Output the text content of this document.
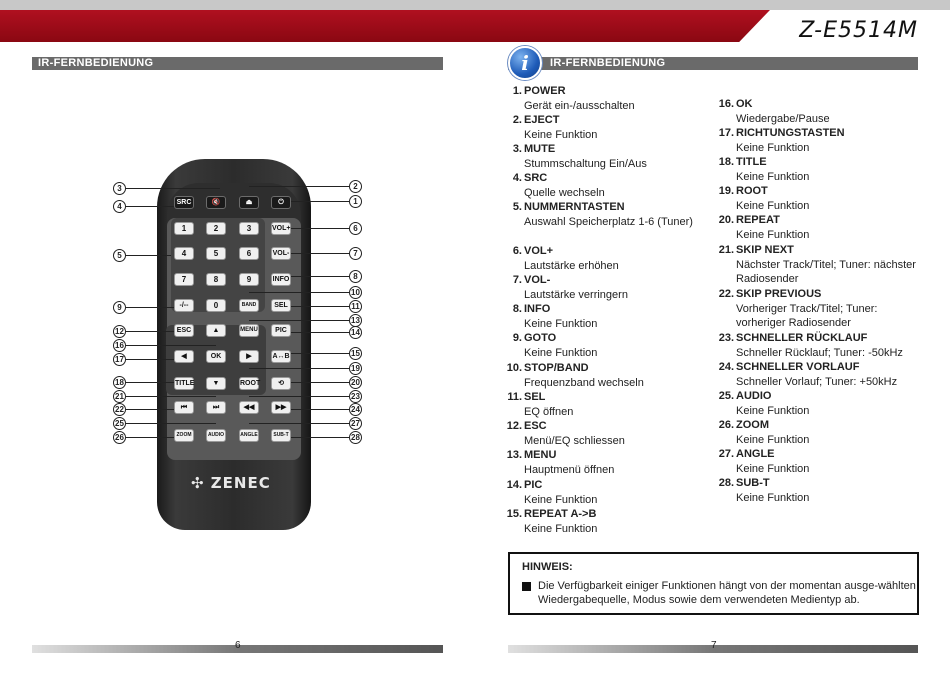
Z-E5514M
IR-FERNBEDIENUNG
SRC	🔇	⏏	⏻
1	2	3	VOL+
4	5	6	VOL-
7	8	9	INFO
-/--	0	BAND	SEL
ESC	▲	MENU	PIC
◀	OK	▶	A↔B
TITLE	▼	ROOT	⟲
⏮	⏭	◀◀	▶▶
ZOOM	AUDIO	ANGLE	SUB-T
✣ ZENEC
3
4
5
9
12
16
17
18
21
22
25
26
2
1
6
7
8
10
11
13
14
15
19
20
23
24
27
28
6
IR-FERNBEDIENUNG
i
1. POWER
Gerät ein-/ausschalten
2. EJECT
Keine Funktion
3. MUTE
Stummschaltung Ein/Aus
4. SRC
Quelle wechseln
5. NUMMERNTASTEN
Auswahl Speicherplatz 1-6 (Tuner)
6. VOL+
Lautstärke erhöhen
7. VOL-
Lautstärke verringern
8. INFO
Keine Funktion
9. GOTO
Keine Funktion
10. STOP/BAND
Frequenzband wechseln
11. SEL
EQ öffnen
12. ESC
Menü/EQ schliessen
13. MENU
Hauptmenü öffnen
14. PIC
Keine Funktion
15. REPEAT A->B
Keine Funktion
16. OK
Wiedergabe/Pause
17. RICHTUNGSTASTEN
Keine Funktion
18. TITLE
Keine Funktion
19. ROOT
Keine Funktion
20. REPEAT
Keine Funktion
21. SKIP NEXT
Nächster Track/Titel; Tuner: nächster Radiosender
22. SKIP PREVIOUS
Vorheriger Track/Titel; Tuner: vorheriger Radiosender
23. SCHNELLER RÜCKLAUF
Schneller Rücklauf; Tuner: -50kHz
24. SCHNELLER VORLAUF
Schneller Vorlauf; Tuner: +50kHz
25. AUDIO
Keine Funktion
26. ZOOM
Keine Funktion
27. ANGLE
Keine Funktion
28. SUB-T
Keine Funktion
HINWEIS:
Die Verfügbarkeit einiger Funktionen hängt von der momentan ausge-wählten Wiedergabequelle, Modus sowie dem verwendeten Medientyp ab.
7
